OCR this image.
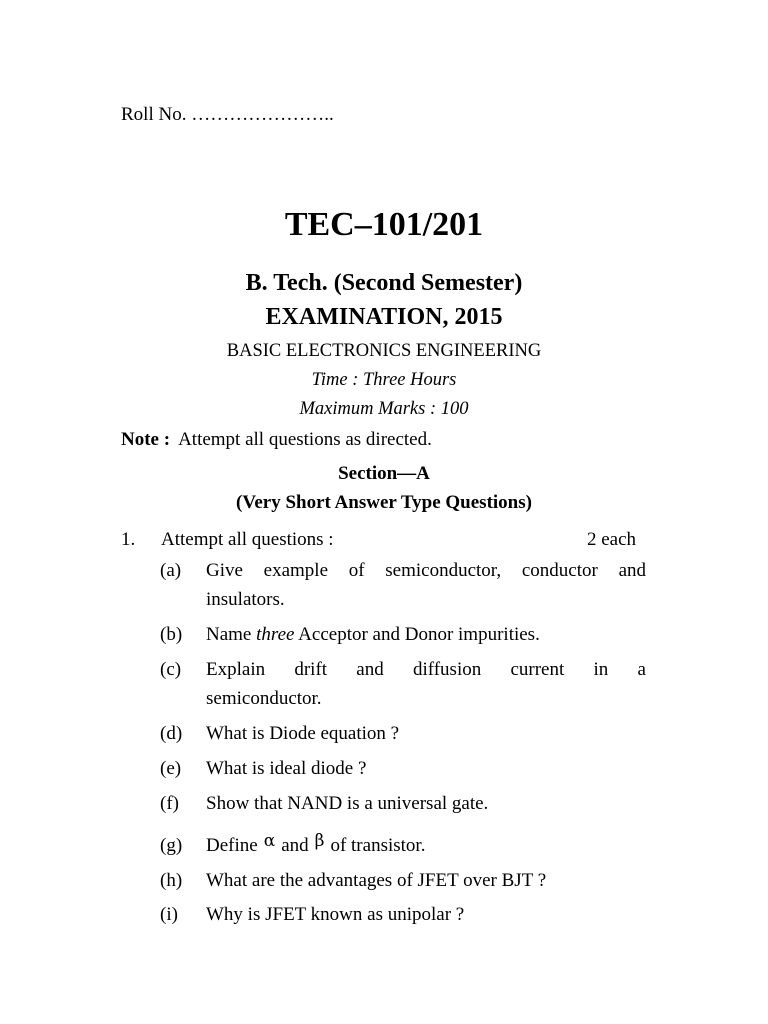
Roll No. …………………..
TEC–101/201
B. Tech. (Second Semester)
EXAMINATION, 2015
BASIC ELECTRONICS ENGINEERING
Time : Three Hours
Maximum Marks : 100
Note : Attempt all questions as directed.
Section—A
(Very Short Answer Type Questions)
1. Attempt all questions :	2 each
(a) Give example of semiconductor, conductor and
insulators.
(b) Name three Acceptor and Donor impurities.
(c) Explain drift and diffusion current in a
semiconductor.
(d) What is Diode equation ?
(e) What is ideal diode ?
(f) Show that NAND is a universal gate.
(g) Define α and β of transistor.
(h) What are the advantages of JFET over BJT ?
(i) Why is JFET known as unipolar ?
